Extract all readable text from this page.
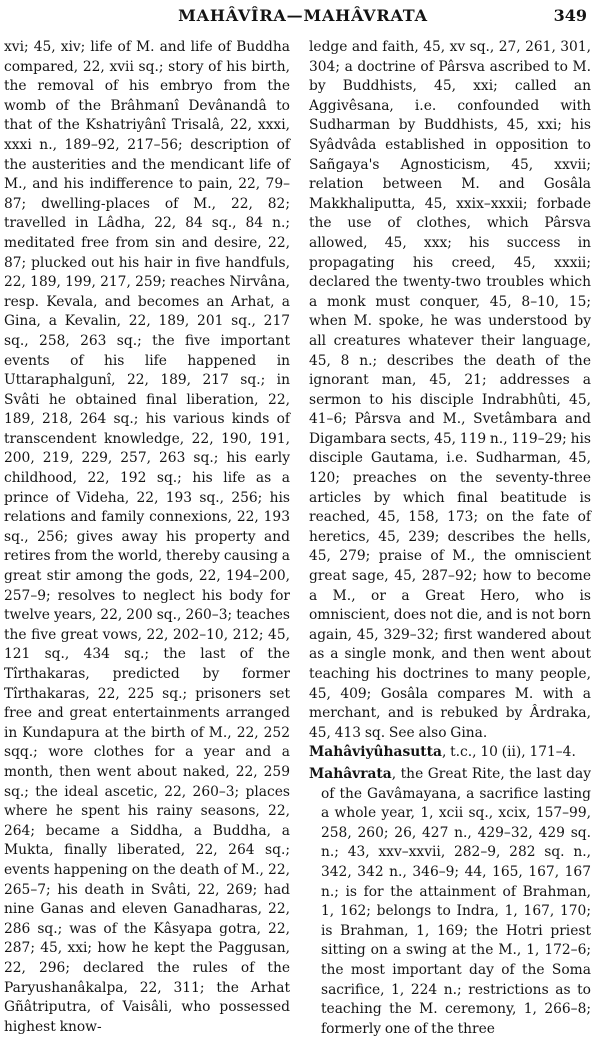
MAHÂVÎRA—MAHÂVRATA	349

xvi; 45, xiv; life of M. and life of Buddha compared, 22, xvii sq.; story of his birth, the removal of his embryo from the womb of the Brâhmanî Devânandâ to that of the Kshatriyânî Trisalâ, 22, xxxi, xxxi n., 189–92, 217–56; description of the austerities and the mendicant life of M., and his indifference to pain, 22, 79–87; dwelling-places of M., 22, 82; travelled in Lâdha, 22, 84 sq., 84 n.; meditated free from sin and desire, 22, 87; plucked out his hair in five handfuls, 22, 189, 199, 217, 259; reaches Nirvâna, resp. Kevala, and becomes an Arhat, a Gina, a Kevalin, 22, 189, 201 sq., 217 sq., 258, 263 sq.; the five important events of his life happened in Uttaraphalgunî, 22, 189, 217 sq.; in Svâti he obtained final liberation, 22, 189, 218, 264 sq.; his various kinds of transcendent knowledge, 22, 190, 191, 200, 219, 229, 257, 263 sq.; his early childhood, 22, 192 sq.; his life as a prince of Videha, 22, 193 sq., 256; his relations and family connexions, 22, 193 sq., 256; gives away his property and retires from the world, thereby causing a great stir among the gods, 22, 194–200, 257–9; resolves to neglect his body for twelve years, 22, 200 sq., 260–3; teaches the five great vows, 22, 202–10, 212; 45, 121 sq., 434 sq.; the last of the Tîrthakaras, predicted by former Tîrthakaras, 22, 225 sq.; prisoners set free and great entertainments arranged in Kundapura at the birth of M., 22, 252 sqq.; wore clothes for a year and a month, then went about naked, 22, 259 sq.; the ideal ascetic, 22, 260–3; places where he spent his rainy seasons, 22, 264; became a Siddha, a Buddha, a Mukta, finally liberated, 22, 264 sq.; events happening on the death of M., 22, 265–7; his death in Svâti, 22, 269; had nine Ganas and eleven Ganadharas, 22, 286 sq.; was of the Kâsyapa gotra, 22, 287; 45, xxi; how he kept the Paggusan, 22, 296; declared the rules of the Paryushanâkalpa, 22, 311; the Arhat Gñâtriputra, of Vaisâli, who possessed highest know-

ledge and faith, 45, xv sq., 27, 261, 301, 304; a doctrine of Pârsva ascribed to M. by Buddhists, 45, xxi; called an Aggivêsana, i.e. confounded with Sudharman by Buddhists, 45, xxi; his Syâdvâda established in opposition to Sañgaya's Agnosticism, 45, xxvii; relation between M. and Gosâla Makkhaliputta, 45, xxix–xxxii; forbade the use of clothes, which Pârsva allowed, 45, xxx; his success in propagating his creed, 45, xxxii; declared the twenty-two troubles which a monk must conquer, 45, 8–10, 15; when M. spoke, he was understood by all creatures whatever their language, 45, 8 n.; describes the death of the ignorant man, 45, 21; addresses a sermon to his disciple Indrabhûti, 45, 41–6; Pârsva and M., Svetâmbara and Digambara sects, 45, 119 n., 119–29; his disciple Gautama, i.e. Sudharman, 45, 120; preaches on the seventy-three articles by which final beatitude is reached, 45, 158, 173; on the fate of heretics, 45, 239; describes the hells, 45, 279; praise of M., the omniscient great sage, 45, 287–92; how to become a M., or a Great Hero, who is omniscient, does not die, and is not born again, 45, 329–32; first wandered about as a single monk, and then went about teaching his doctrines to many people, 45, 409; Gosâla compares M. with a merchant, and is rebuked by Ârdraka, 45, 413 sq. See also Gina.

Mahâviyûhasutta, t.c., 10 (ii), 171–4.

Mahâvrata, the Great Rite, the last day of the Gavâmayana, a sacrifice lasting a whole year, 1, xcii sq., xcix, 157–99, 258, 260; 26, 427 n., 429–32, 429 sq. n.; 43, xxv–xxvii, 282–9, 282 sq. n., 342, 342 n., 346–9; 44, 165, 167, 167 n.; is for the attainment of Brahman, 1, 162; belongs to Indra, 1, 167, 170; is Brahman, 1, 169; the Hotri priest sitting on a swing at the M., 1, 172–6; the most important day of the Soma sacrifice, 1, 224 n.; restrictions as to teaching the M. ceremony, 1, 266–8; formerly one of the three
